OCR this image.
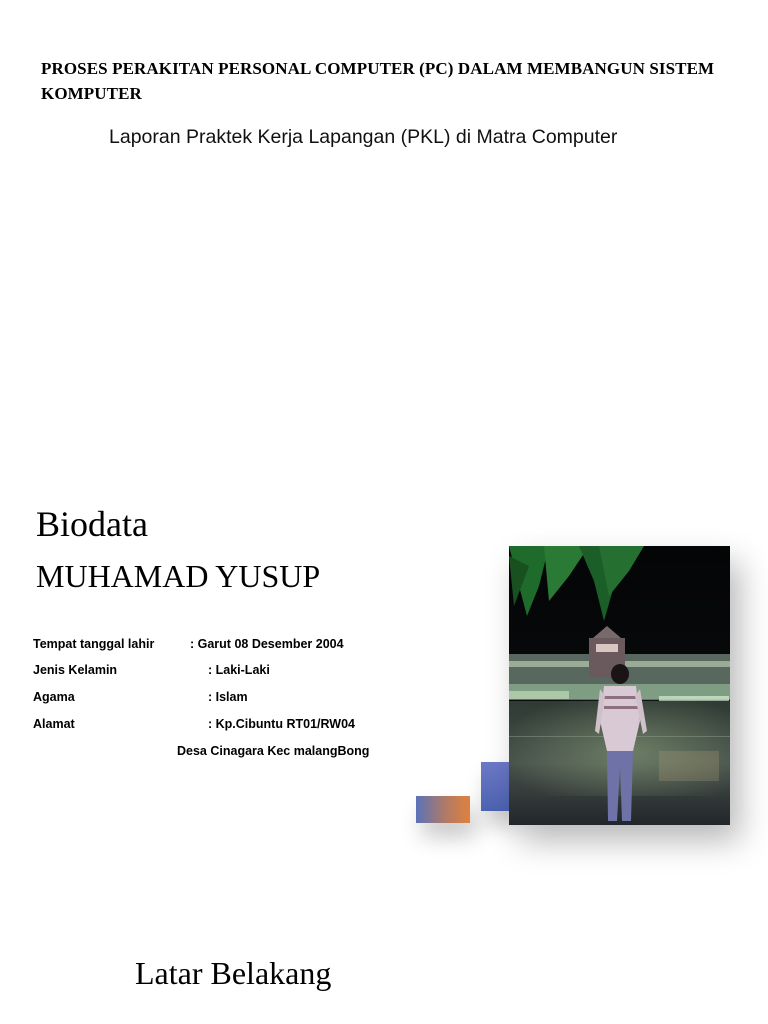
PROSES PERAKITAN PERSONAL COMPUTER (PC) DALAM MEMBANGUN SISTEM KOMPUTER
Laporan Praktek Kerja Lapangan (PKL) di Matra Computer
Biodata
MUHAMAD YUSUP
Tempat tanggal lahir	: Garut 08 Desember 2004
Jenis Kelamin	: Laki-Laki
Agama	: Islam
Alamat	: Kp.Cibuntu RT01/RW04
Desa Cinagara Kec malangBong
Latar Belakang
